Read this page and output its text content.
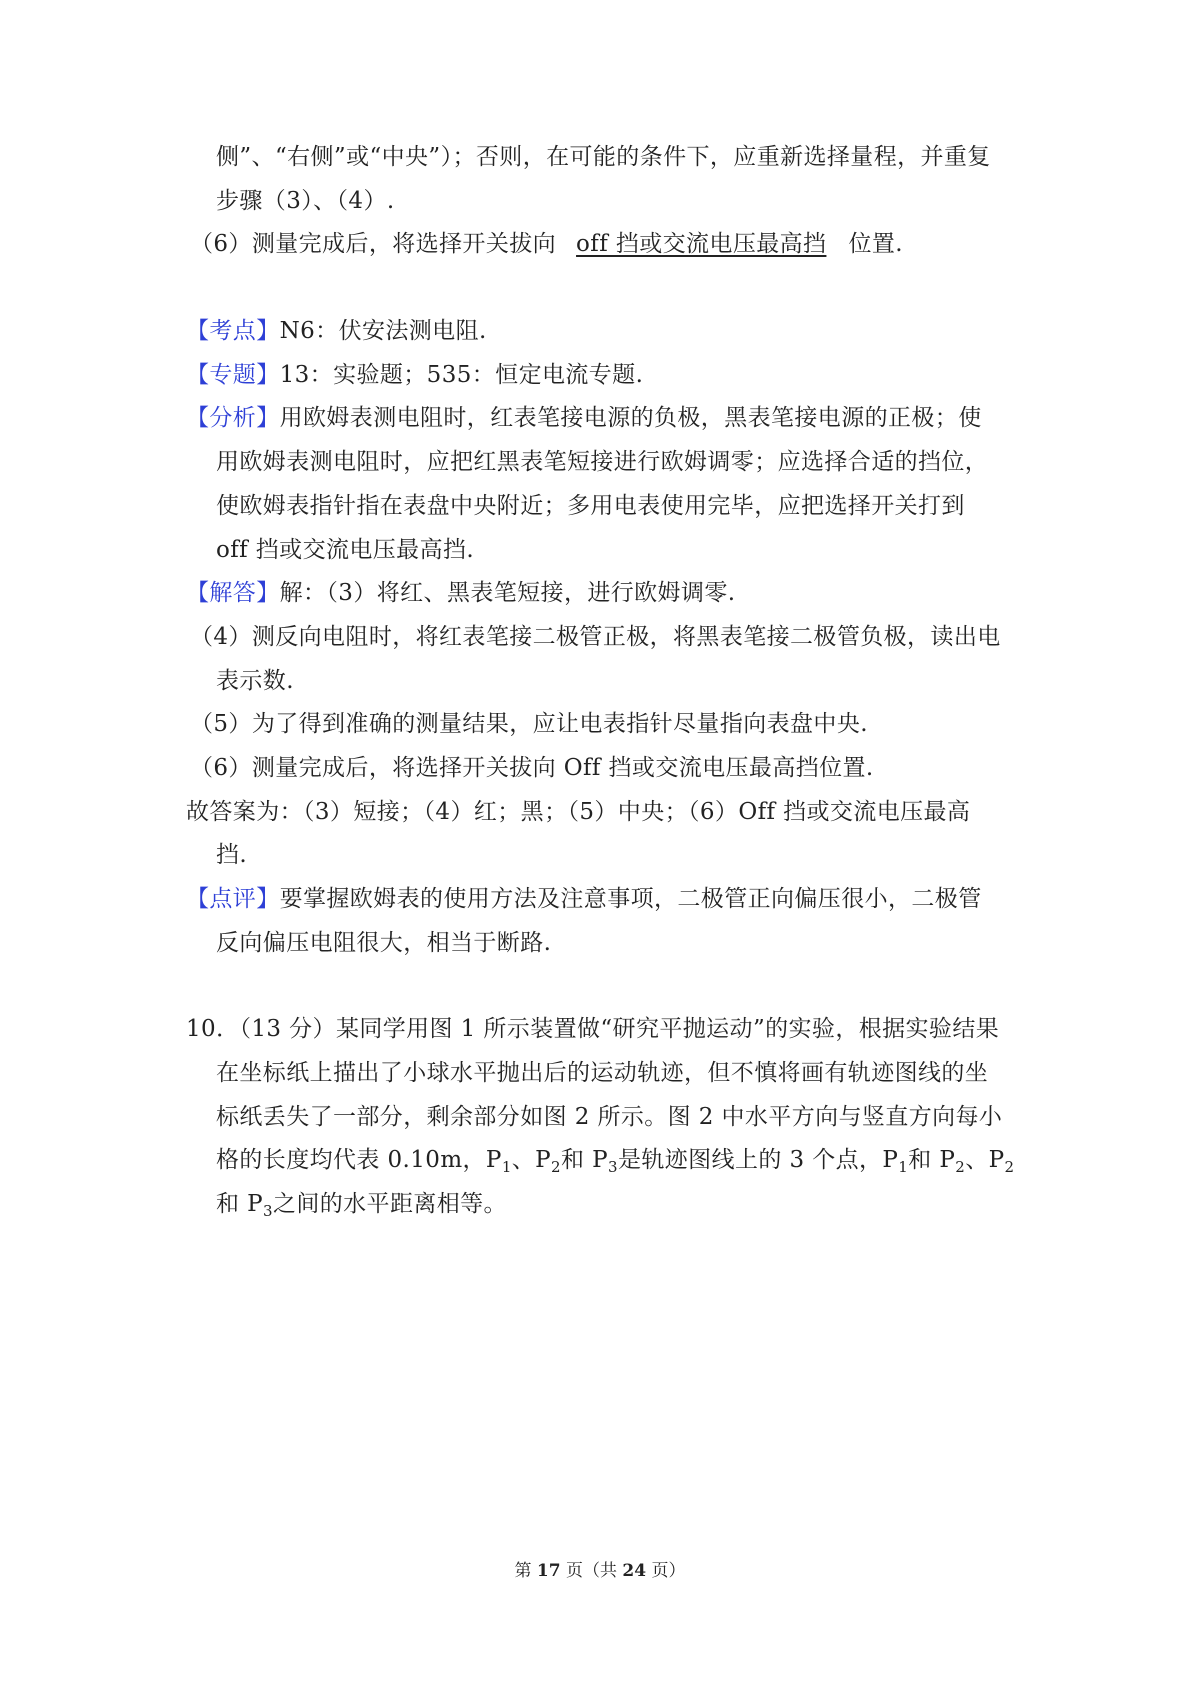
侧”、“右侧”或“中央”）；否则，在可能的条件下，应重新选择量程，并重复
步骤（3）、（4）.
（6）测量完成后，将选择开关拔向 off 挡或交流电压最高挡 位置.
【考点】N6：伏安法测电阻.
【专题】13：实验题；535：恒定电流专题.
【分析】用欧姆表测电阻时，红表笔接电源的负极，黑表笔接电源的正极；使
用欧姆表测电阻时，应把红黑表笔短接进行欧姆调零；应选择合适的挡位，
使欧姆表指针指在表盘中央附近；多用电表使用完毕，应把选择开关打到
off 挡或交流电压最高挡.
【解答】解：（3）将红、黑表笔短接，进行欧姆调零.
（4）测反向电阻时，将红表笔接二极管正极，将黑表笔接二极管负极，读出电
表示数.
（5）为了得到准确的测量结果，应让电表指针尽量指向表盘中央.
（6）测量完成后，将选择开关拔向 Off 挡或交流电压最高挡位置.
故答案为：（3）短接；（4）红；黑；（5）中央；（6）Off 挡或交流电压最高
挡.
【点评】要掌握欧姆表的使用方法及注意事项，二极管正向偏压很小，二极管
反向偏压电阻很大，相当于断路.
10．（13 分）某同学用图 1 所示装置做“研究平抛运动”的实验，根据实验结果
在坐标纸上描出了小球水平抛出后的运动轨迹，但不慎将画有轨迹图线的坐
标纸丢失了一部分，剩余部分如图 2 所示。图 2 中水平方向与竖直方向每小
格的长度均代表 0.10m，$P_1$、$P_2$和 $P_3$是轨迹图线上的 3 个点，$P_1$和 $P_2$、$P_2$
和 $P_3$之间的水平距离相等。
第 17 页（共 24 页）
